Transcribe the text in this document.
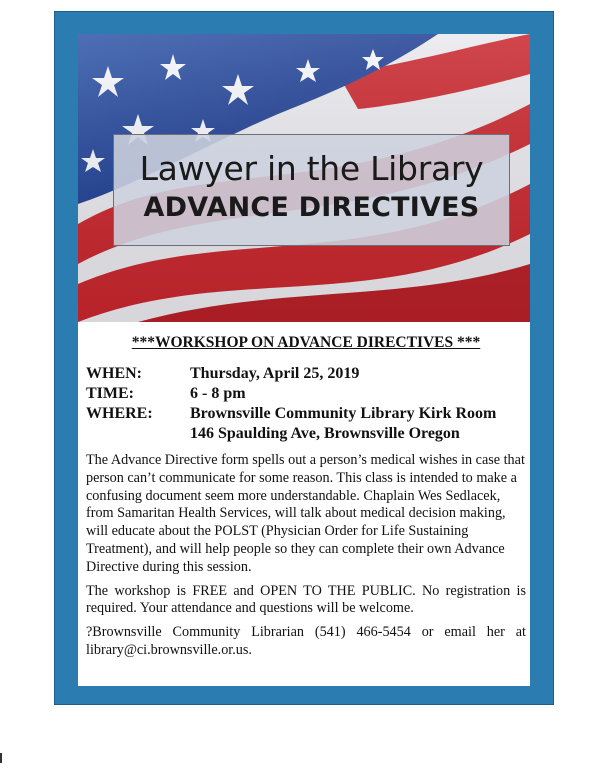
Lawyer in the Library
ADVANCE DIRECTIVES
***WORKSHOP ON ADVANCE DIRECTIVES ***
WHEN:	Thursday, April 25, 2019
TIME:	6 - 8 pm
WHERE:	Brownsville Community Library Kirk Room
146 Spaulding Ave, Brownsville Oregon

The Advance Directive form spells out a person’s medical wishes in case that person can’t communicate for some reason. This class is intended to make a confusing document seem more understandable. Chaplain Wes Sedlacek, from Samaritan Health Services, will talk about medical decision making, will educate about the POLST (Physician Order for Life Sustaining Treatment), and will help people so they can complete their own Advance Directive during this session.

The workshop is FREE and OPEN TO THE PUBLIC. No registration is required. Your attendance and questions will be welcome.

?Brownsville Community Librarian (541) 466-5454 or email her at library@ci.brownsville.or.us.
